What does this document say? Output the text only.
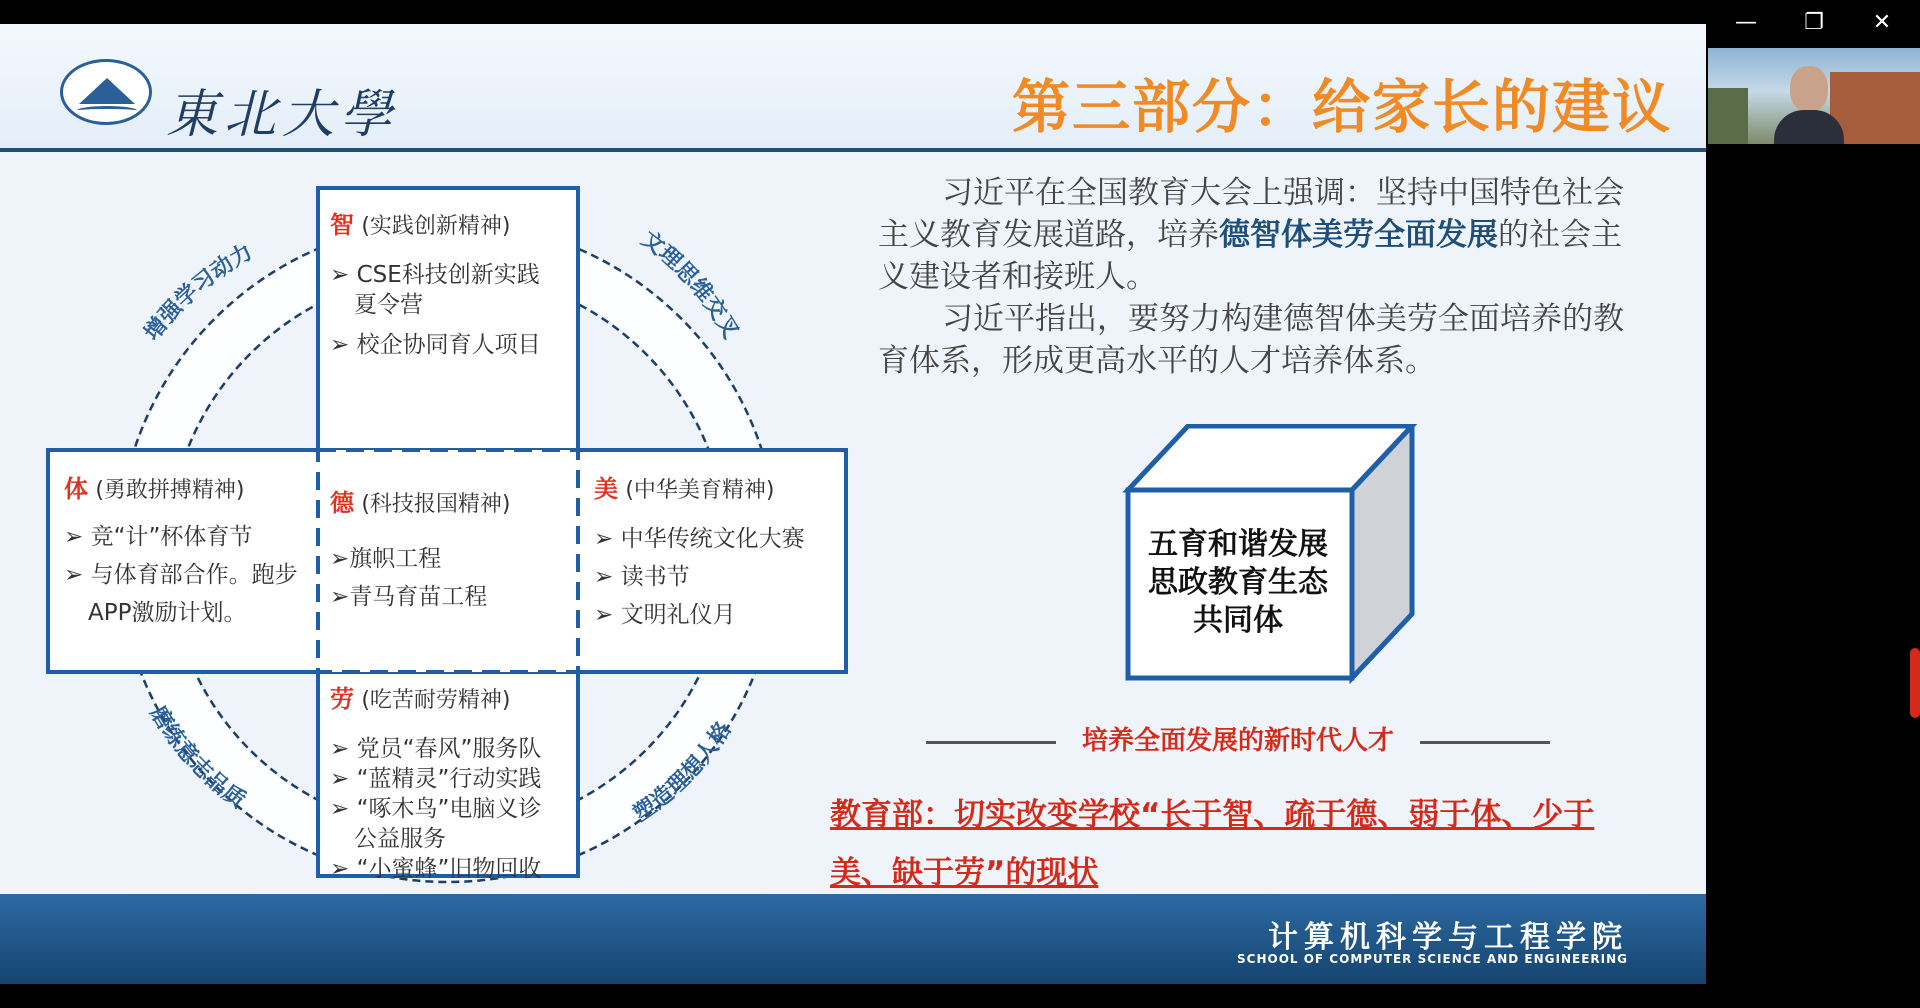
東北大學	第三部分：给家长的建议
增强学习动力	文理思维交叉
磨练意志品质	塑造理想人格
智 (实践创新精神)
➢ CSE科技创新实践
夏令营
➢ 校企协同育人项目
体 (勇敢拼搏精神)
➢ 竞“计”杯体育节
➢ 与体育部合作。跑步
APP激励计划。
德 (科技报国精神)
➢旗帜工程
➢青马育苗工程
美 (中华美育精神)
➢ 中华传统文化大赛
➢ 读书节
➢ 文明礼仪月
劳 (吃苦耐劳精神)
➢ 党员“春风”服务队
➢ “蓝精灵”行动实践
➢ “啄木鸟”电脑义诊
公益服务
➢ “小蜜蜂”旧物回收

习近平在全国教育大会上强调：坚持中国特色社会主义教育发展道路，培养德智体美劳全面发展的社会主义建设者和接班人。

习近平指出，要努力构建德智体美劳全面培养的教育体系，形成更高水平的人才培养体系。

五育和谐发展
思政教育生态
共同体
培养全面发展的新时代人才
教育部：切实改变学校“长于智、疏于德、弱于体、少于
美、缺于劳”的现状
计算机科学与工程学院
SCHOOL OF COMPUTER SCIENCE AND ENGINEERING
—	❐	✕
